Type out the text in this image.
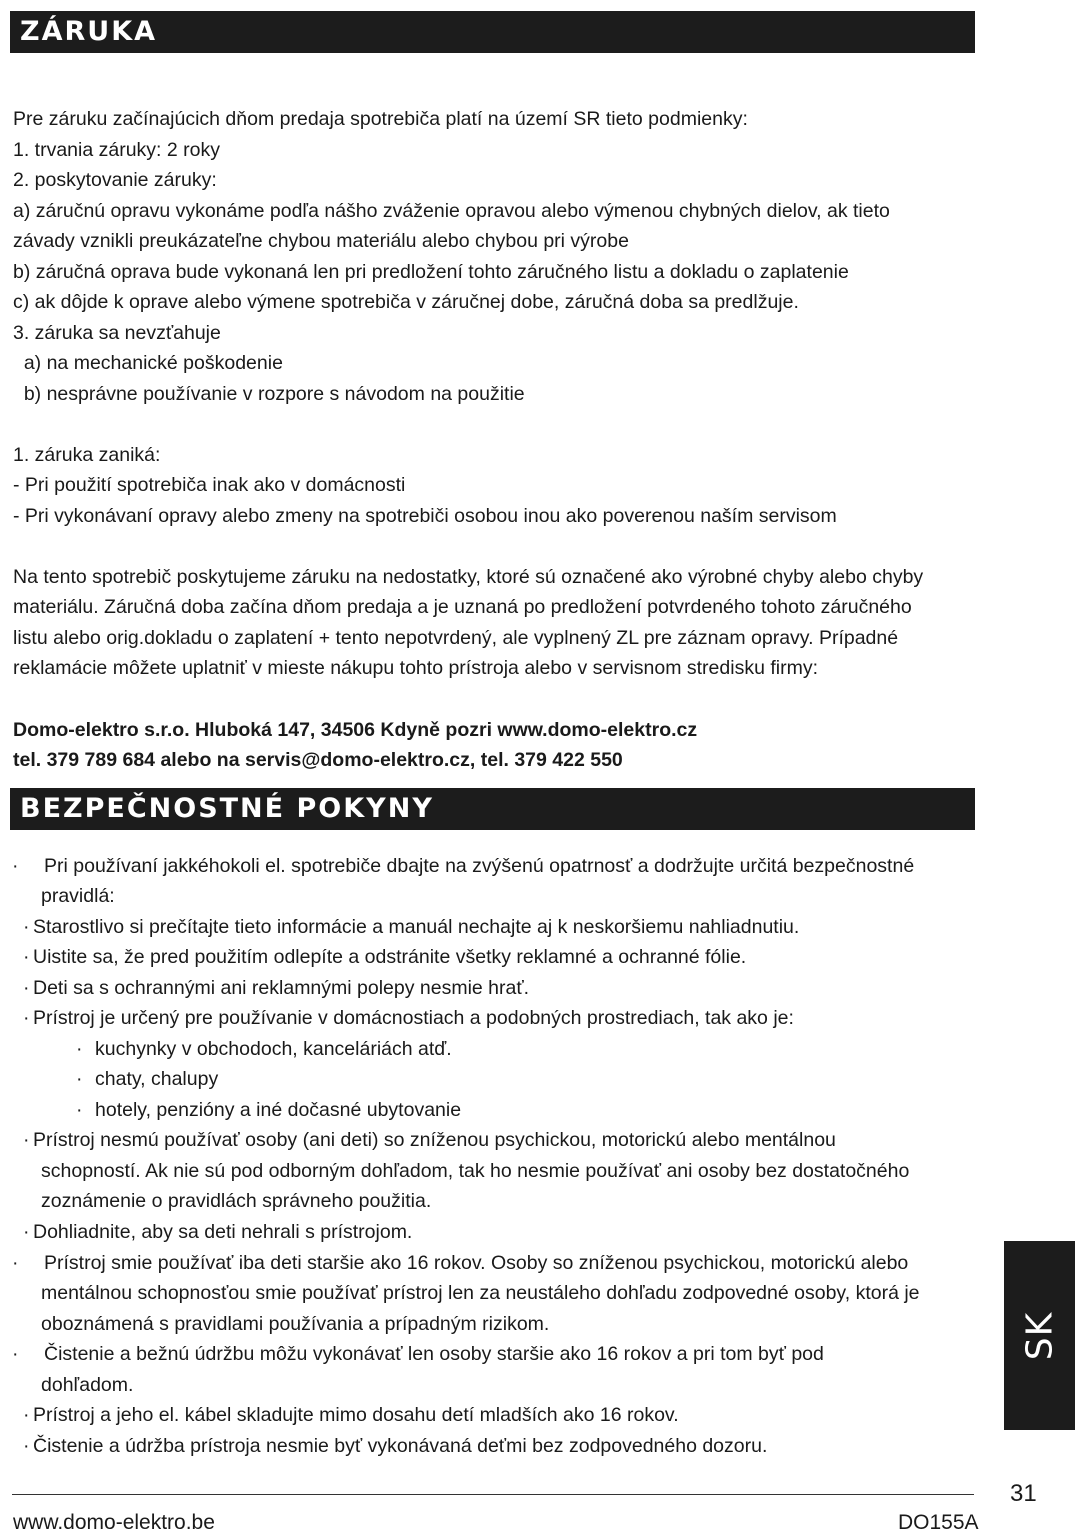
ZÁRUKA
Pre záruku začínajúcich dňom predaja spotrebiča platí na území SR tieto podmienky:
1. trvania záruky: 2 roky
2. poskytovanie záruky:
a) záručnú opravu vykonáme podľa nášho zváženie opravou alebo výmenou chybných dielov, ak tieto
závady vznikli preukázateľne chybou materiálu alebo chybou pri výrobe
b) záručná oprava bude vykonaná len pri predložení tohto záručného listu a dokladu o zaplatenie
c) ak dôjde k oprave alebo výmene spotrebiča v záručnej dobe, záručná doba sa predlžuje.
3. záruka sa nevzťahuje
a) na mechanické poškodenie
b) nesprávne používanie v rozpore s návodom na použitie
1. záruka zaniká:
- Pri použití spotrebiča inak ako v domácnosti
- Pri vykonávaní opravy alebo zmeny na spotrebiči osobou inou ako poverenou naším servisom
Na tento spotrebič poskytujeme záruku na nedostatky, ktoré sú označené ako výrobné chyby alebo chyby
materiálu. Záručná doba začína dňom predaja a je uznaná po predložení potvrdeného tohoto záručného
listu alebo orig.dokladu o zaplatení + tento nepotvrdený, ale vyplnený ZL pre záznam opravy. Prípadné
reklamácie môžete uplatniť v mieste nákupu tohto prístroja alebo v servisnom stredisku firmy:
Domo-elektro s.r.o. Hluboká 147, 34506 Kdyně pozri www.domo-elektro.cz
tel. 379 789 684 alebo na servis@domo-elektro.cz, tel. 379 422 550
BEZPEČNOSTNÉ POKYNY
· Pri používaní jakkéhokoli el. spotrebiče dbajte na zvýšenú opatrnosť a dodržujte určitá bezpečnostné
pravidlá:
· Starostlivo si prečítajte tieto informácie a manuál nechajte aj k neskoršiemu nahliadnutiu.
· Uistite sa, že pred použitím odlepíte a odstránite všetky reklamné a ochranné fólie.
· Deti sa s ochrannými ani reklamnými polepy nesmie hrať.
· Prístroj je určený pre používanie v domácnostiach a podobných prostrediach, tak ako je:
· kuchynky v obchodoch, kanceláriách atď.
· chaty, chalupy
· hotely, penzióny a iné dočasné ubytovanie
· Prístroj nesmú používať osoby (ani deti) so zníženou psychickou, motorickú alebo mentálnou
schopností. Ak nie sú pod odborným dohľadom, tak ho nesmie používať ani osoby bez dostatočného
zoznámenie o pravidlách správneho použitia.
· Dohliadnite, aby sa deti nehrali s prístrojom.
· Prístroj smie používať iba deti staršie ako 16 rokov. Osoby so zníženou psychickou, motorickú alebo
mentálnou schopnosťou smie používať prístroj len za neustáleho dohľadu zodpovedné osoby, ktorá je
oboznámená s pravidlami používania a prípadným rizikom.
· Čistenie a bežnú údržbu môžu vykonávať len osoby staršie ako 16 rokov a pri tom byť pod
dohľadom.
· Prístroj a jeho el. kábel skladujte mimo dosahu detí mladších ako 16 rokov.
· Čistenie a údržba prístroja nesmie byť vykonávaná deťmi bez zodpovedného dozoru.
SK
31
www.domo-elektro.be	DO155A
